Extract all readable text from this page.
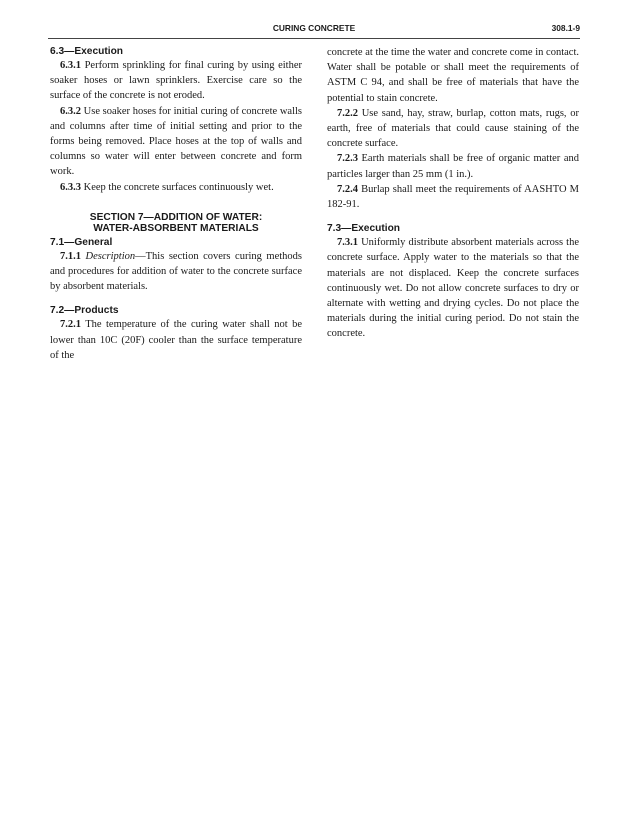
CURING CONCRETE	308.1-9
6.3—Execution

6.3.1 Perform sprinkling for final curing by using either soaker hoses or lawn sprinklers. Exercise care so the surface of the concrete is not eroded.

6.3.2 Use soaker hoses for initial curing of concrete walls and columns after time of initial setting and prior to the forms being removed. Place hoses at the top of walls and columns so water will enter between concrete and form work.

6.3.3 Keep the concrete surfaces continuously wet.

SECTION 7—ADDITION OF WATER:
WATER-ABSORBENT MATERIALS
7.1—General

7.1.1 Description—This section covers curing methods and procedures for addition of water to the concrete surface by absorbent materials.

7.2—Products

7.2.1 The temperature of the curing water shall not be lower than 10C (20F) cooler than the surface temperature of the

concrete at the time the water and concrete come in contact. Water shall be potable or shall meet the requirements of ASTM C 94, and shall be free of materials that have the potential to stain concrete.

7.2.2 Use sand, hay, straw, burlap, cotton mats, rugs, or earth, free of materials that could cause staining of the concrete surface.

7.2.3 Earth materials shall be free of organic matter and particles larger than 25 mm (1 in.).

7.2.4 Burlap shall meet the requirements of AASHTO M 182-91.

7.3—Execution

7.3.1 Uniformly distribute absorbent materials across the concrete surface. Apply water to the materials so that the materials are not displaced. Keep the concrete surfaces continuously wet. Do not allow concrete surfaces to dry or alternate with wetting and drying cycles. Do not place the materials during the initial curing period. Do not stain the concrete.
